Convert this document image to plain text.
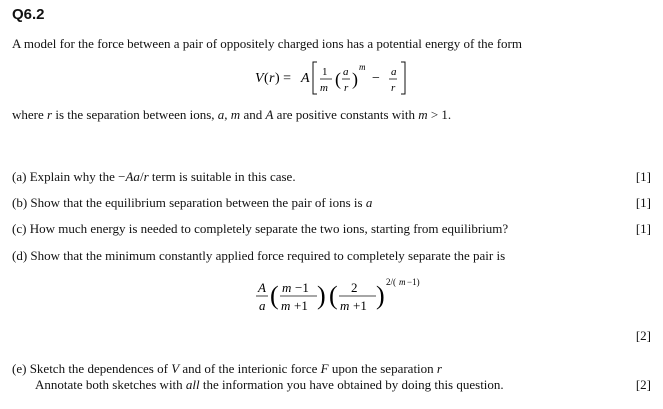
Q6.2
A model for the force between a pair of oppositely charged ions has a potential energy of the form
V ( r ) = A 1
m ( a
r )
m
− a
r
where r is the separation between ions, a, m and A are positive constants with m > 1.
(a) Explain why the −Aa/r term is suitable in this case.	[1]
(b) Show that the equilibrium separation between the pair of ions is a	[1]
(c) How much energy is needed to completely separate the two ions, starting from equilibrium?	[1]
(d) Show that the minimum constantly applied force required to completely separate the pair is
A
a ( m −1
m +1 ) ( 2
m +1 ) 2/( m −1)
[2]
(e) Sketch the dependences of V and of the interionic force F upon the separation r
Annotate both sketches with all the information you have obtained by doing this question.	[2]
